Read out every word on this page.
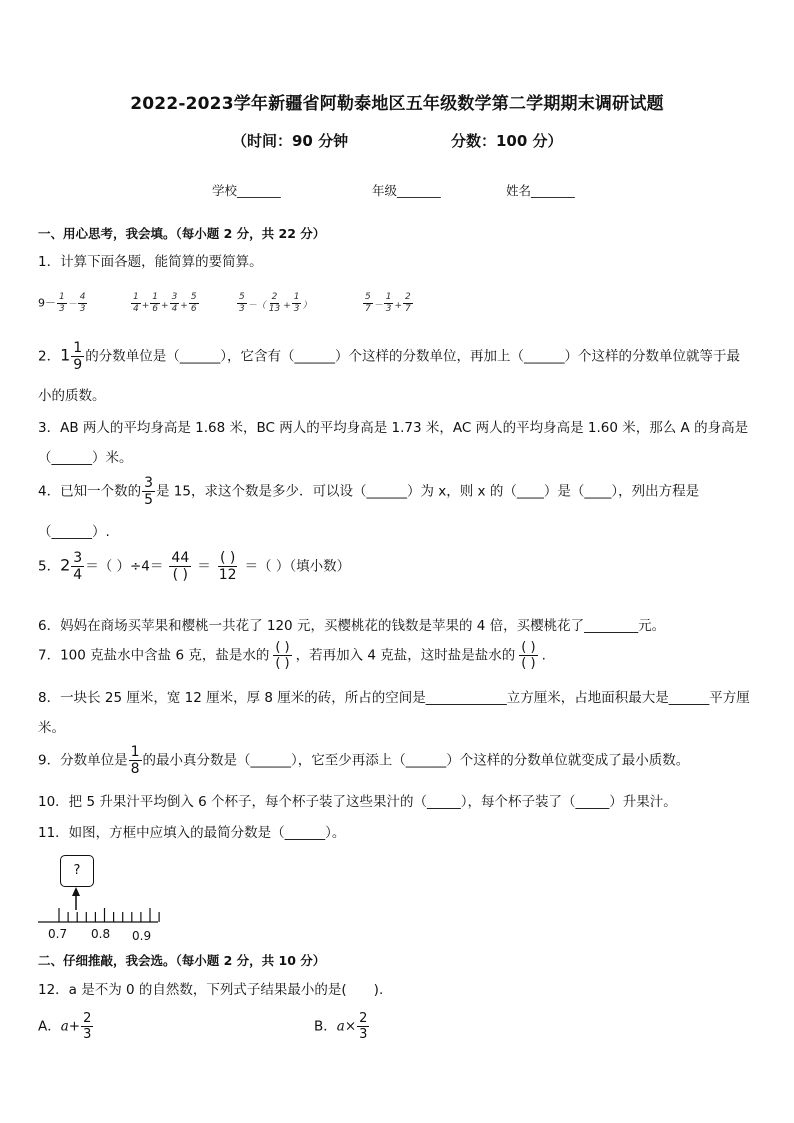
2022-2023学年新疆省阿勒泰地区五年级数学第二学期期末调研试题
（时间：90 分钟	分数：100 分）
学校_______	年级_______	姓名_______
一、用心思考，我会填。（每小题 2 分，共 22 分）
1．计算下面各题，能简算的要简算。
$9- \frac{1}{3} - \frac{4}{3}$	$\frac{1}{4} + \frac{1}{6} + \frac{3}{4} + \frac{5}{6}$	$\frac{5}{3}$ －（ $\frac{2}{13} + \frac{1}{3}$ ）	$\frac{5}{7} - \frac{1}{3} + \frac{2}{7}$
2．$1 \frac{1}{9}$ 的分数单位是（______），它含有（______）个这样的分数单位，再加上（______）个这样的分数单位就等于最
小的质数。
3．AB 两人的平均身高是 1.68 米，BC 两人的平均身高是 1.73 米，AC 两人的平均身高是 1.60 米，那么 A 的身高是
（______）米。
4．已知一个数的 $\frac{3}{5}$ 是 15，求这个数是多少．可以设（______）为 x，则 x 的（____）是（____），列出方程是
（______）.
5．$2 \frac{3}{4}$ ＝（ ）$\div 4= \frac{44}{( )} = \frac{( )}{12}$ ＝（ ）（填小数）
6．妈妈在商场买苹果和樱桃一共花了 120 元，买樱桃花的钱数是苹果的 4 倍，买樱桃花了________元。
7．100 克盐水中含盐 6 克，盐是水的 $\frac{( )}{( )}$ ，若再加入 4 克盐，这时盐是盐水的 $\frac{( )}{( )}$ .
8．一块长 25 厘米，宽 12 厘米，厚 8 厘米的砖，所占的空间是____________立方厘米，占地面积最大是______平方厘
米。
9．分数单位是 $\frac{1}{8}$ 的最小真分数是（______），它至少再添上（______）个这样的分数单位就变成了最小质数。
10．把 5 升果汁平均倒入 6 个杯子，每个杯子装了这些果汁的（_____），每个杯子装了（_____）升果汁。
11．如图，方框中应填入的最简分数是（______）。
?
0.7 0.8 0.9
二、仔细推敲，我会选。（每小题 2 分，共 10 分）
12．a 是不为 0 的自然数，下列式子结果最小的是(　　).
A．$a+ \frac{2}{3}$	B．$a\times \frac{2}{3}$
